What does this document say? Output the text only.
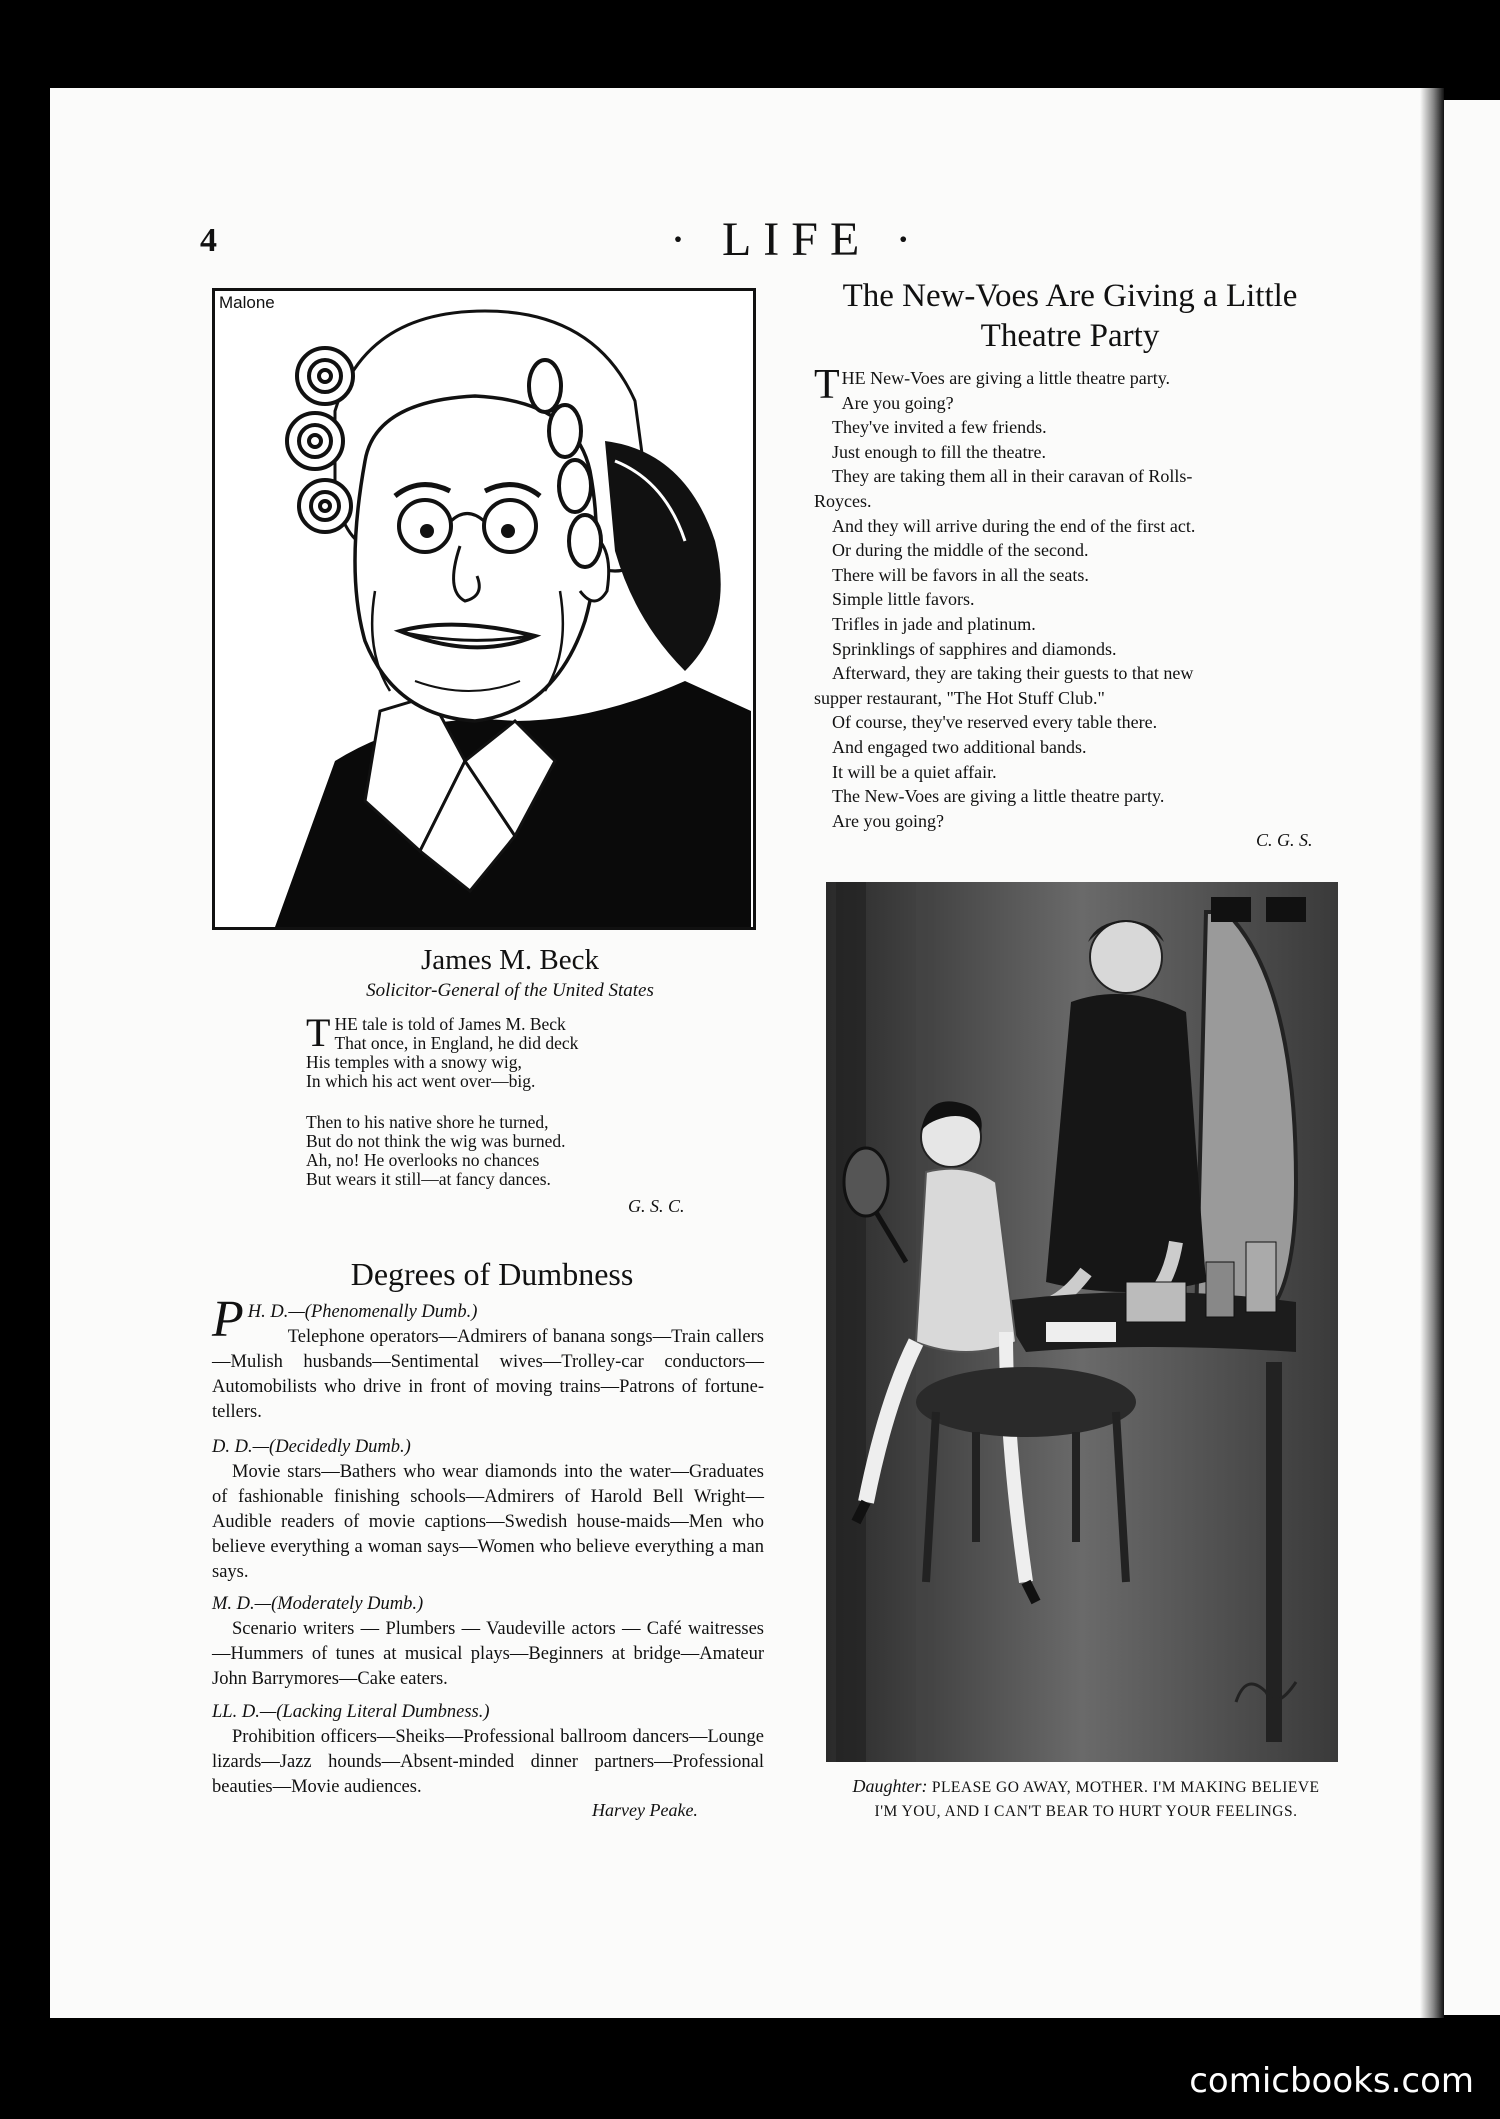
4	· LIFE ·
Malone
James M. Beck
Solicitor-General of the United States
T HE tale is told of James M. Beck
That once, in England, he did deck
His temples with a snowy wig,
In which his act went over—big.
Then to his native shore he turned,
But do not think the wig was burned.
Ah, no! He overlooks no chances
But wears it still—at fancy dances.
G. S. C.
Degrees of Dumbness
P H. D.—(Phenomenally Dumb.)
Telephone operators—Admirers of banana songs—Train callers—Mulish husbands—Sentimental wives—Trolley-car conductors—Automobilists who drive in front of moving trains—Patrons of fortune-tellers.
D. D.—(Decidedly Dumb.)
Movie stars—Bathers who wear diamonds into the water—Graduates of fashionable finishing schools—Admirers of Harold Bell Wright—Audible readers of movie captions—Swedish house-maids—Men who believe everything a woman says—Women who believe everything a man says.
M. D.—(Moderately Dumb.)
Scenario writers — Plumbers — Vaudeville actors — Café waitresses—Hummers of tunes at musical plays—Beginners at bridge—Amateur John Barrymores—Cake eaters.
LL. D.—(Lacking Literal Dumbness.)
Prohibition officers—Sheiks—Professional ballroom dancers—Lounge lizards—Jazz hounds—Absent-minded dinner partners—Professional beauties—Movie audiences.
Harvey Peake.
The New-Voes Are Giving a Little
Theatre Party
T HE New-Voes are giving a little theatre party.
Are you going?
They've invited a few friends.
Just enough to fill the theatre.
They are taking them all in their caravan of Rolls-
Royces.
And they will arrive during the end of the first act.
Or during the middle of the second.
There will be favors in all the seats.
Simple little favors.
Trifles in jade and platinum.
Sprinklings of sapphires and diamonds.
Afterward, they are taking their guests to that new
supper restaurant, "The Hot Stuff Club."
Of course, they've reserved every table there.
And engaged two additional bands.
It will be a quiet affair.
The New-Voes are giving a little theatre party.
Are you going?
C. G. S.
Daughter: PLEASE GO AWAY, MOTHER. I'M MAKING BELIEVE
I'M YOU, AND I CAN'T BEAR TO HURT YOUR FEELINGS.
comicbooks.com
